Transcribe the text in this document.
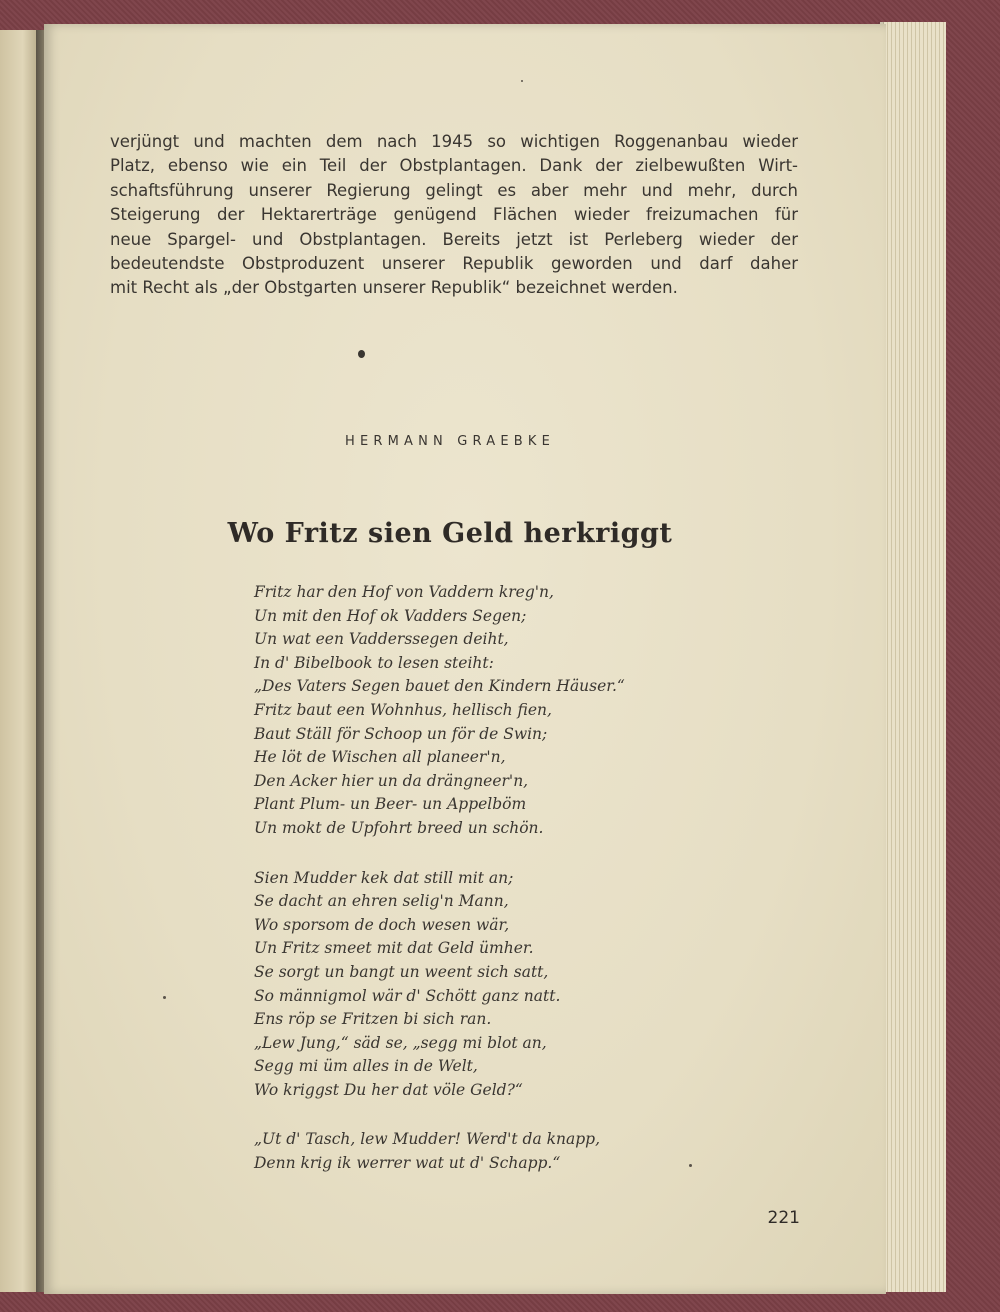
verjüngt und machten dem nach 1945 so wichtigen Roggenanbau wieder
Platz, ebenso wie ein Teil der Obstplantagen. Dank der zielbewußten Wirt-
schaftsführung unserer Regierung gelingt es aber mehr und mehr, durch
Steigerung der Hektarerträge genügend Flächen wieder freizumachen für
neue Spargel- und Obstplantagen. Bereits jetzt ist Perleberg wieder der
bedeutendste Obstproduzent unserer Republik geworden und darf daher
mit Recht als „der Obstgarten unserer Republik“ bezeichnet werden.

HERMANN GRAEBKE
Wo Fritz sien Geld herkriggt
Fritz har den Hof von Vaddern kreg'n,
Un mit den Hof ok Vadders Segen;
Un wat een Vadderssegen deiht,
In d' Bibelbook to lesen steiht:
„Des Vaters Segen bauet den Kindern Häuser.“
Fritz baut een Wohnhus, hellisch fien,
Baut Ställ för Schoop un för de Swin;
He löt de Wischen all planeer'n,
Den Acker hier un da drängneer'n,
Plant Plum- un Beer- un Appelböm
Un mokt de Upfohrt breed un schön.
Sien Mudder kek dat still mit an;
Se dacht an ehren selig'n Mann,
Wo sporsom de doch wesen wär,
Un Fritz smeet mit dat Geld ümher.
Se sorgt un bangt un weent sich satt,
So männigmol wär d' Schött ganz natt.
Ens röp se Fritzen bi sich ran.
„Lew Jung,“ säd se, „segg mi blot an,
Segg mi üm alles in de Welt,
Wo kriggst Du her dat völe Geld?“
„Ut d' Tasch, lew Mudder! Werd't da knapp,
Denn krig ik werrer wat ut d' Schapp.“
221
